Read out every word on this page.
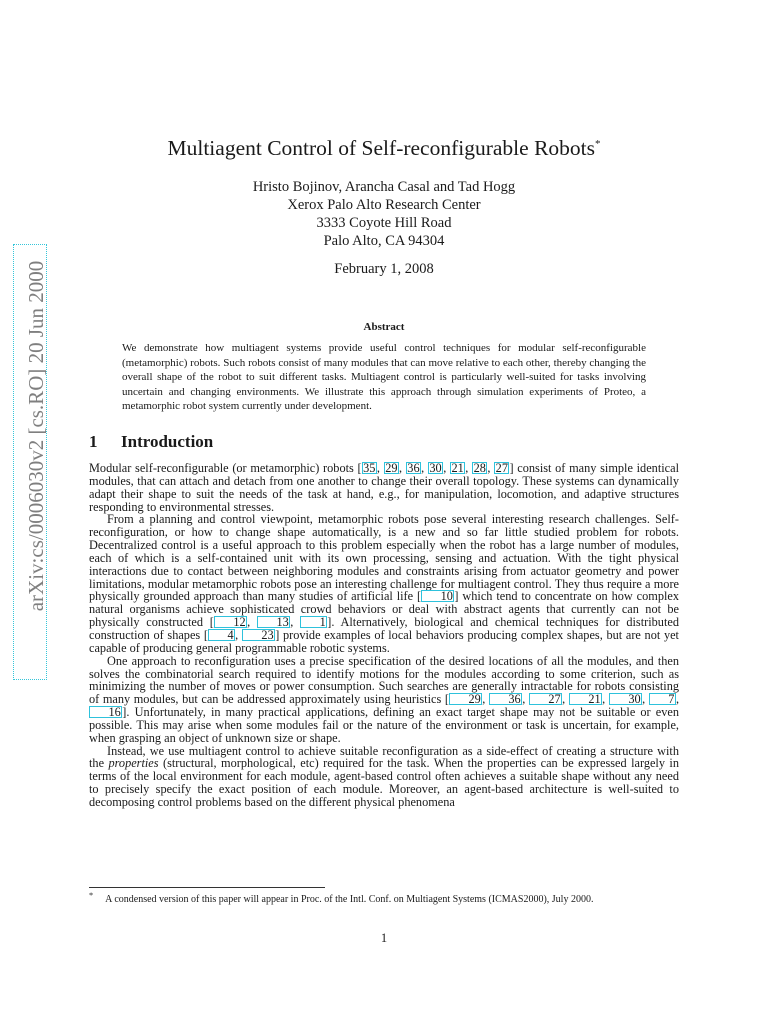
arXiv:cs/0006030v2 [cs.RO] 20 Jun 2000
Multiagent Control of Self-reconfigurable Robots*
Hristo Bojinov, Arancha Casal and Tad Hogg
Xerox Palo Alto Research Center
3333 Coyote Hill Road
Palo Alto, CA 94304
February 1, 2008
Abstract
We demonstrate how multiagent systems provide useful control techniques for modular self-reconfigurable (metamorphic) robots. Such robots consist of many modules that can move relative to each other, thereby changing the overall shape of the robot to suit different tasks. Multiagent control is particularly well-suited for tasks involving uncertain and changing environments. We illustrate this approach through simulation experiments of Proteo, a metamorphic robot system currently under development.
1 Introduction

Modular self-reconfigurable (or metamorphic) robots [ 35 , 29 , 36 , 30 , 21 , 28 , 27 ] consist of many simple identical modules, that can attach and detach from one another to change their overall topology. These systems can dynamically adapt their shape to suit the needs of the task at hand, e.g., for manipulation, locomotion, and adaptive structures responding to environmental stresses.

From a planning and control viewpoint, metamorphic robots pose several interesting research challenges. Self-reconfiguration, or how to change shape automatically, is a new and so far little studied problem for robots. Decentralized control is a useful approach to this problem especially when the robot has a large number of modules, each of which is a self-contained unit with its own processing, sensing and actuation. With the tight physical interactions due to contact between neighboring modules and constraints arising from actuator geometry and power limitations, modular metamorphic robots pose an interesting challenge for multiagent control. They thus require a more physically grounded approach than many studies of artificial life [ 10 ] which tend to concentrate on how complex natural organisms achieve sophisticated crowd behaviors or deal with abstract agents that currently can not be physically constructed [ 12 , 13 , 1 ]. Alternatively, biological and chemical techniques for distributed construction of shapes [ 4 , 23 ] provide examples of local behaviors producing complex shapes, but are not yet capable of producing general programmable robotic systems.

One approach to reconfiguration uses a precise specification of the desired locations of all the modules, and then solves the combinatorial search required to identify motions for the modules according to some criterion, such as minimizing the number of moves or power consumption. Such searches are generally intractable for robots consisting of many modules, but can be addressed approximately using heuristics [ 29 , 36 , 27 , 21 , 30 , 7 , 16 ]. Unfortunately, in many practical applications, defining an exact target shape may not be suitable or even possible. This may arise when some modules fail or the nature of the environment or task is uncertain, for example, when grasping an object of unknown size or shape.

Instead, we use multiagent control to achieve suitable reconfiguration as a side-effect of creating a structure with the properties (structural, morphological, etc) required for the task. When the properties can be expressed largely in terms of the local environment for each module, agent-based control often achieves a suitable shape without any need to precisely specify the exact position of each module. Moreover, an agent-based architecture is well-suited to decomposing control problems based on the different physical phenomena

* A condensed version of this paper will appear in Proc. of the Intl. Conf. on Multiagent Systems (ICMAS2000), July 2000.
1
